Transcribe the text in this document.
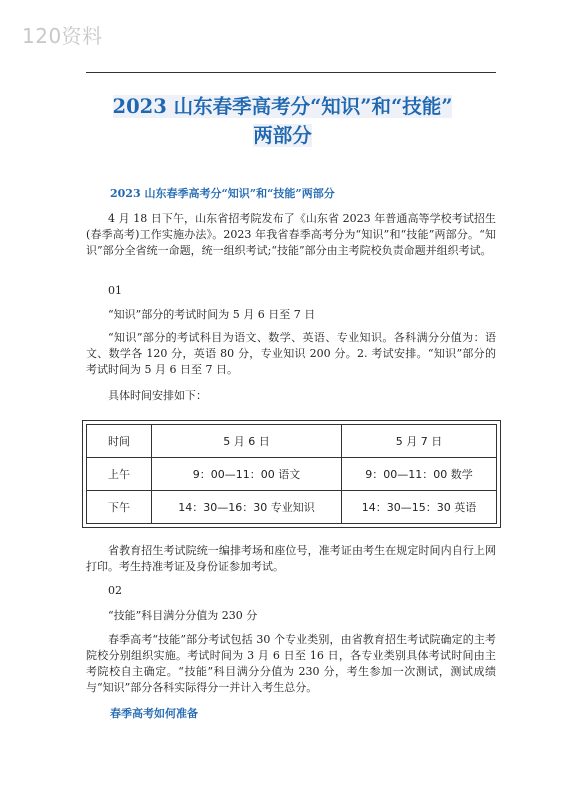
120资料
2023 山东春季高考分“知识”和“技能”
两部分
2023 山东春季高考分“知识”和“技能”两部分

4 月 18 日下午，山东省招考院发布了《山东省 2023 年普通高等学校考试招生(春季高考)工作实施办法》。2023 年我省春季高考分为“知识”和“技能”两部分。“知识”部分全省统一命题，统一组织考试;“技能”部分由主考院校负责命题并组织考试。

01

“知识”部分的考试时间为 5 月 6 日至 7 日

“知识”部分的考试科目为语文、数学、英语、专业知识。各科满分分值为：语文、数学各 120 分，英语 80 分，专业知识 200 分。2. 考试安排。“知识”部分的考试时间为 5 月 6 日至 7 日。

具体时间安排如下：

时间	5 月 6 日	5 月 7 日
上午	9：00—11：00 语文	9：00—11：00 数学
下午	14：30—16：30 专业知识	14：30—15：30 英语

省教育招生考试院统一编排考场和座位号，准考证由考生在规定时间内自行上网打印。考生持准考证及身份证参加考试。

02

“技能”科目满分分值为 230 分

春季高考“技能”部分考试包括 30 个专业类别，由省教育招生考试院确定的主考院校分别组织实施。考试时间为 3 月 6 日至 16 日，各专业类别具体考试时间由主考院校自主确定。“技能”科目满分分值为 230 分，考生参加一次测试，测试成绩与“知识”部分各科实际得分一并计入考生总分。

春季高考如何准备
